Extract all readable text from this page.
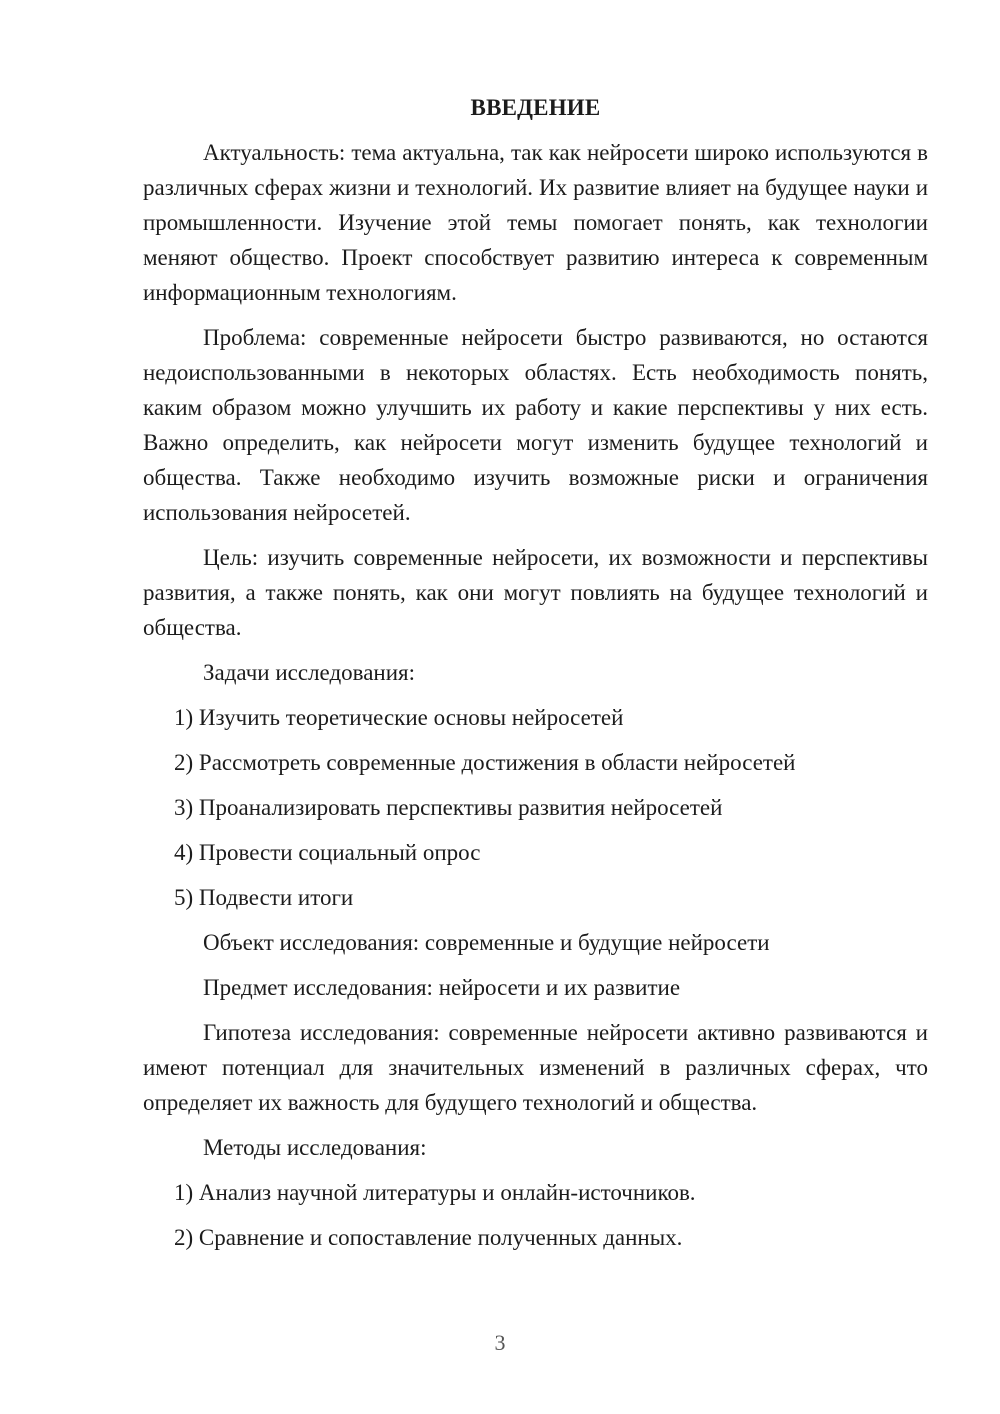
ВВЕДЕНИЕ

Актуальность: тема актуальна, так как нейросети широко используются в различных сферах жизни и технологий. Их развитие влияет на будущее науки и промышленности. Изучение этой темы помогает понять, как технологии меняют общество. Проект способствует развитию интереса к современным информационным технологиям.

Проблема: современные нейросети быстро развиваются, но остаются недоиспользованными в некоторых областях. Есть необходимость понять, каким образом можно улучшить их работу и какие перспективы у них есть. Важно определить, как нейросети могут изменить будущее технологий и общества. Также необходимо изучить возможные риски и ограничения использования нейросетей.

Цель: изучить современные нейросети, их возможности и перспективы развития, а также понять, как они могут повлиять на будущее технологий и общества.

Задачи исследования:
1) Изучить теоретические основы нейросетей
2) Рассмотреть современные достижения в области нейросетей
3) Проанализировать перспективы развития нейросетей
4) Провести социальный опрос
5) Подвести итоги
Объект исследования: современные и будущие нейросети
Предмет исследования: нейросети и их развитие

Гипотеза исследования: современные нейросети активно развиваются и имеют потенциал для значительных изменений в различных сферах, что определяет их важность для будущего технологий и общества.

Методы исследования:
1) Анализ научной литературы и онлайн-источников.
2) Сравнение и сопоставление полученных данных.
3
